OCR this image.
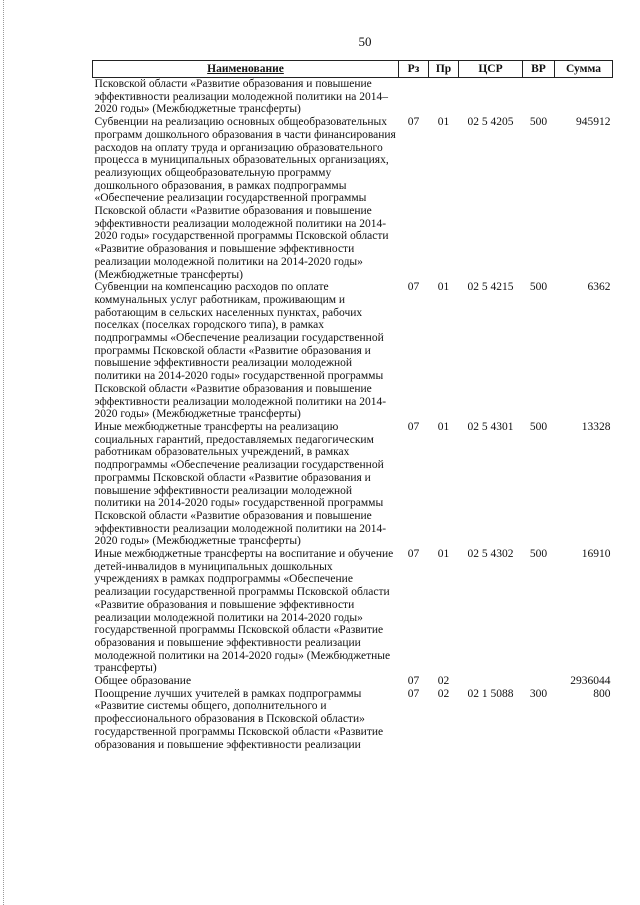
50
Наименование	Рз	Пр	ЦСР	ВР	Сумма
Псковской области «Развитие образования и повышение эффективности реализации молодежной политики на 2014–2020 годы» (Межбюджетные трансферты)					

Субвенции на реализацию основных общеобразовательных программ дошкольного образования в части финансирования расходов на оплату труда и организацию образовательного процесса в муниципальных образовательных организациях, реализующих общеобразовательную программу дошкольного образования, в рамках подпрограммы «Обеспечение реализации государственной программы Псковской области «Развитие образования и повышение эффективности реализации молодежной политики на 2014-2020 годы» государственной программы Псковской области «Развитие образования и повышение эффективности реализации молодежной политики на 2014-2020 годы» (Межбюджетные трансферты)	07	01	02 5 4205	500	945912

Субвенции на компенсацию расходов по оплате коммунальных услуг работникам, проживающим и работающим в сельских населенных пунктах, рабочих поселках (поселках городского типа), в рамках подпрограммы «Обеспечение реализации государственной программы Псковской области «Развитие образования и повышение эффективности реализации молодежной политики на 2014-2020 годы» государственной программы Псковской области «Развитие образования и повышение эффективности реализации молодежной политики на 2014-2020 годы» (Межбюджетные трансферты)	07	01	02 5 4215	500	6362

Иные межбюджетные трансферты на реализацию социальных гарантий, предоставляемых педагогическим работникам образовательных учреждений, в рамках подпрограммы «Обеспечение реализации государственной программы Псковской области «Развитие образования и повышение эффективности реализации молодежной политики на 2014-2020 годы» государственной программы Псковской области «Развитие образования и повышение эффективности реализации молодежной политики на 2014-2020 годы» (Межбюджетные трансферты)	07	01	02 5 4301	500	13328

Иные межбюджетные трансферты на воспитание и обучение детей-инвалидов в муниципальных дошкольных учреждениях в рамках подпрограммы «Обеспечение реализации государственной программы Псковской области «Развитие образования и повышение эффективности реализации молодежной политики на 2014-2020 годы» государственной программы Псковской области «Развитие образования и повышение эффективности реализации молодежной политики на 2014-2020 годы» (Межбюджетные трансферты)	07	01	02 5 4302	500	16910

Общее образование	07	02			2936044

Поощрение лучших учителей в рамках подпрограммы «Развитие системы общего, дополнительного и профессионального образования в Псковской области» государственной программы Псковской области «Развитие образования и повышение эффективности реализации	07	02	02 1 5088	300	800
